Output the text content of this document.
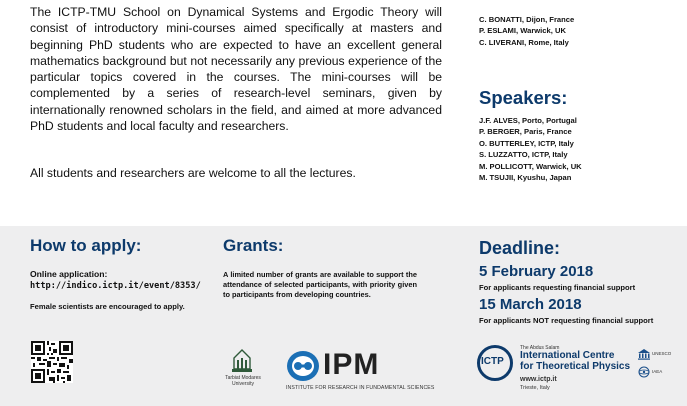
The ICTP-TMU School on Dynamical Systems and Ergodic Theory will consist of introductory mini-courses aimed specifically at masters and beginning PhD students who are expected to have an excellent general mathematics background but not necessarily any previous experience of the particular topics covered in the courses. The mini-courses will be complemented by a series of research-level seminars, given by internationally renowned scholars in the field, and aimed at more advanced PhD students and local faculty and researchers.
All students and researchers are welcome to all the lectures.
C. BONATTI, Dijon, France
P. ESLAMI, Warwick, UK
C. LIVERANI, Rome, Italy
Speakers:
J.F. ALVES, Porto, Portugal
P. BERGER, Paris, France
O. BUTTERLEY, ICTP, Italy
S. LUZZATTO, ICTP, Italy
M. POLLICOTT, Warwick, UK
M. TSUJII, Kyushu, Japan
How to apply:
Online application:
http://indico.ictp.it/event/8353/
Female scientists are encouraged to apply.
Grants:
A limited number of grants are available to support the attendance of selected participants, with priority given to participants from developing countries.
Deadline:
5 February 2018
For applicants requesting financial support
15 March 2018
For applicants NOT requesting financial support
Tarbiat Modares University
IPM
INSTITUTE FOR RESEARCH IN FUNDAMENTAL SCIENCES
ICTP
The Abdus Salam
International Centre
for Theoretical Physics
www.ictp.it
Trieste, Italy
UNESCO
IAEA
